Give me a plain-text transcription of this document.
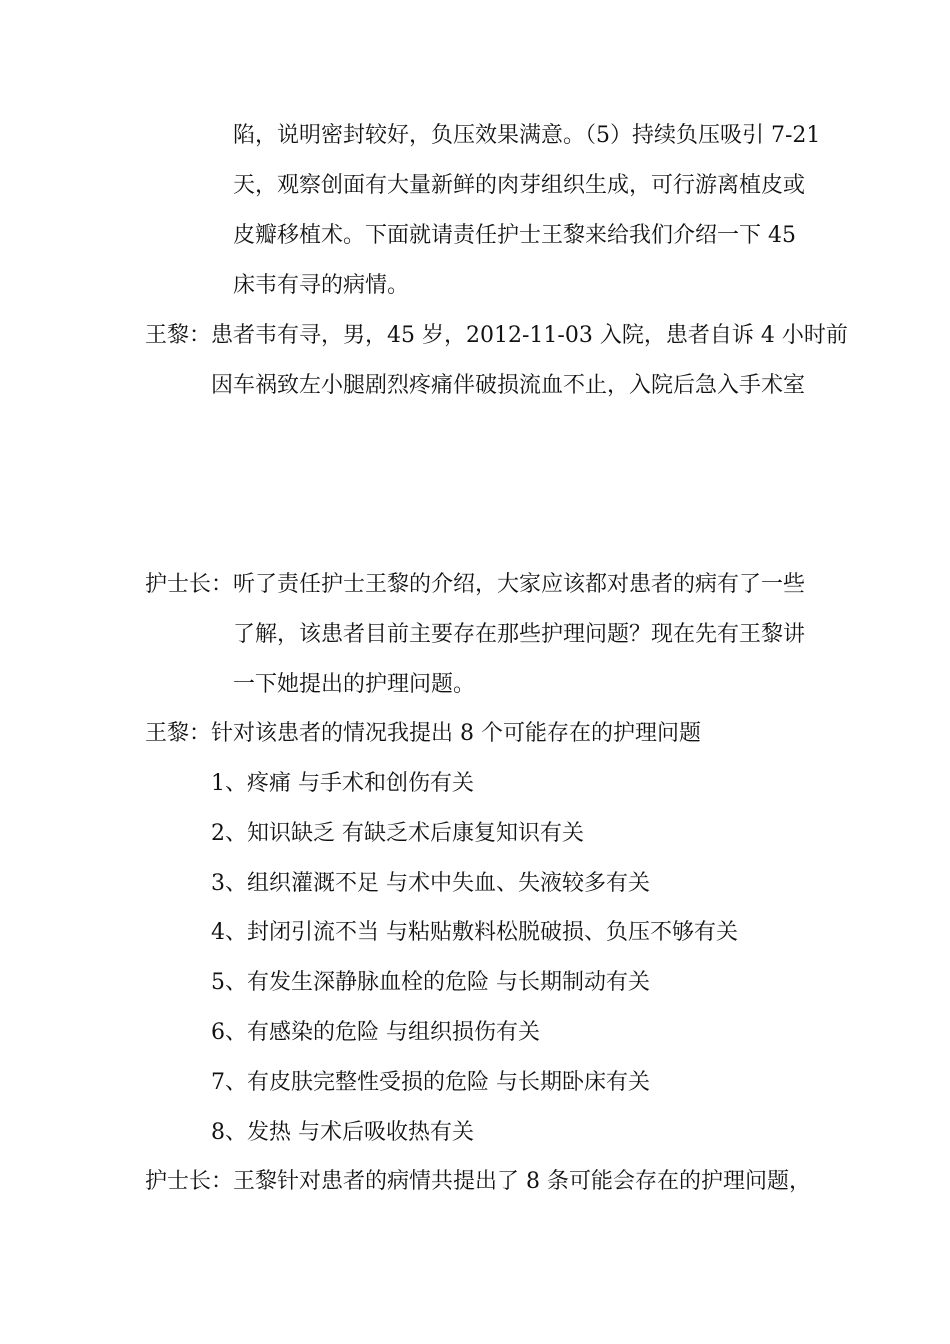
陷，说明密封较好，负压效果满意。（5）持续负压吸引 7-21
天，观察创面有大量新鲜的肉芽组织生成，可行游离植皮或
皮瓣移植术。下面就请责任护士王黎来给我们介绍一下 45
床韦有寻的病情。
王黎：患者韦有寻，男，45 岁，2012-11-03 入院，患者自诉 4 小时前
因车祸致左小腿剧烈疼痛伴破损流血不止，入院后急入手术室
护士长：听了责任护士王黎的介绍，大家应该都对患者的病有了一些
了解，该患者目前主要存在那些护理问题？现在先有王黎讲
一下她提出的护理问题。
王黎：针对该患者的情况我提出 8 个可能存在的护理问题
1、疼痛 与手术和创伤有关
2、知识缺乏 有缺乏术后康复知识有关
3、组织灌溉不足 与术中失血、失液较多有关
4、封闭引流不当 与粘贴敷料松脱破损、负压不够有关
5、有发生深静脉血栓的危险 与长期制动有关
6、有感染的危险 与组织损伤有关
7、有皮肤完整性受损的危险 与长期卧床有关
8、发热 与术后吸收热有关
护士长：王黎针对患者的病情共提出了 8 条可能会存在的护理问题，
